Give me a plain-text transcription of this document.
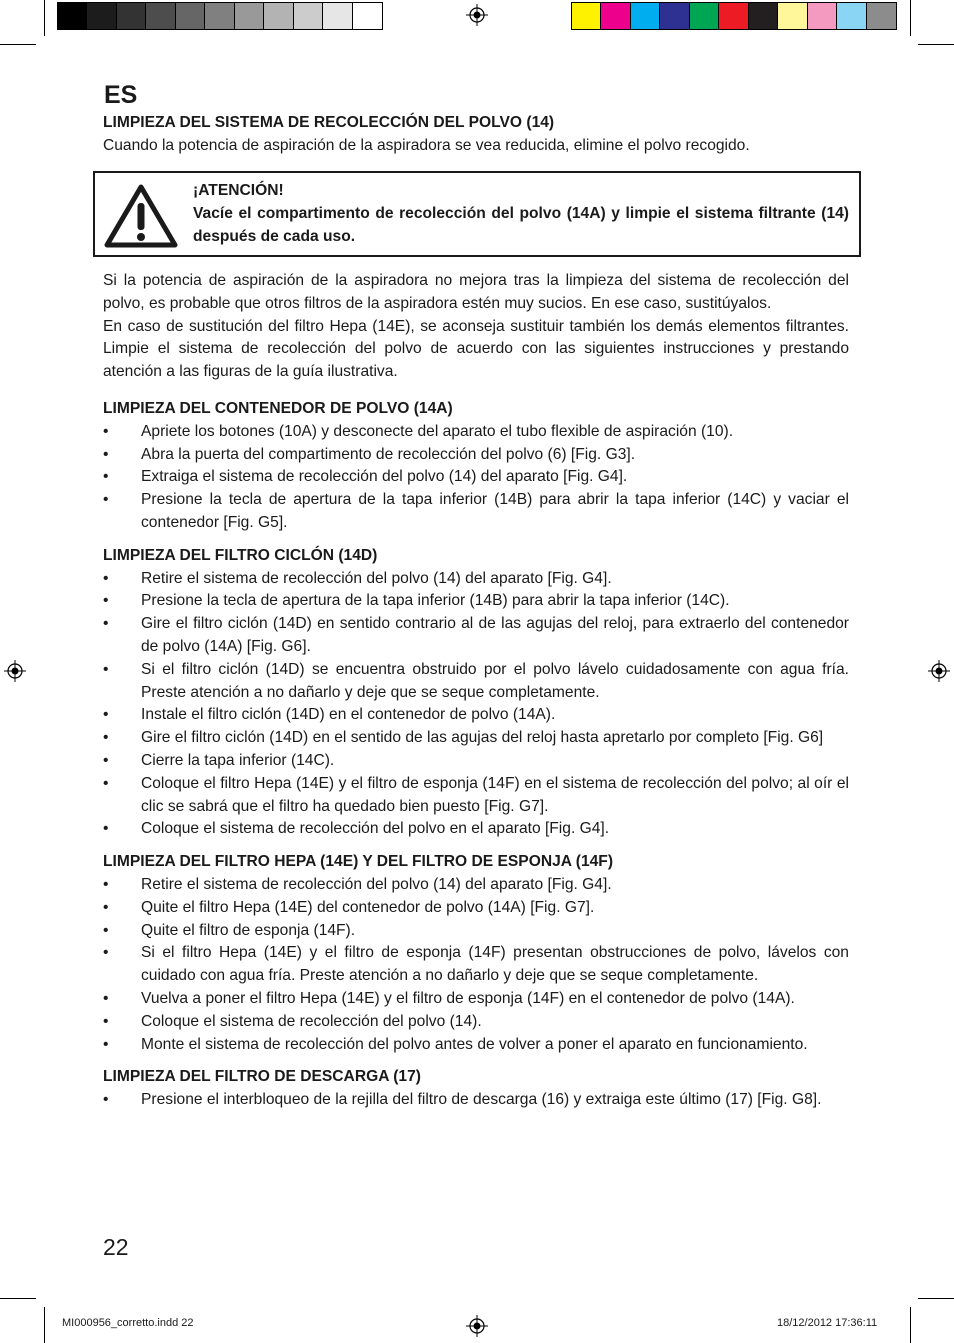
ES
LIMPIEZA DEL SISTEMA DE RECOLECCIÓN DEL POLVO (14)
Cuando la potencia de aspiración de la aspiradora se vea reducida, elimine el polvo recogido.
¡ATENCIÓN!
Vacíe el compartimento de recolección del polvo (14A) y limpie el sistema filtrante (14) después de cada uso.
Si la potencia de aspiración de la aspiradora no mejora tras la limpieza del sistema de recolección del polvo, es probable que otros filtros de la aspiradora estén muy sucios. En ese caso, sustitúyalos.
En caso de sustitución del filtro Hepa (14E), se aconseja sustituir también los demás elementos filtrantes. Limpie el sistema de recolección del polvo de acuerdo con las siguientes instrucciones y prestando atención a las figuras de la guía ilustrativa.
LIMPIEZA DEL CONTENEDOR DE POLVO (14A)
• Apriete los botones (10A) y desconecte del aparato el tubo flexible de aspiración (10).
• Abra la puerta del compartimento de recolección del polvo (6) [Fig. G3].
• Extraiga el sistema de recolección del polvo (14) del aparato [Fig. G4].
• Presione la tecla de apertura de la tapa inferior (14B) para abrir la tapa inferior (14C) y vaciar el contenedor [Fig. G5].
LIMPIEZA DEL FILTRO CICLÓN (14D)
• Retire el sistema de recolección del polvo (14) del aparato [Fig. G4].
• Presione la tecla de apertura de la tapa inferior (14B) para abrir la tapa inferior (14C).
• Gire el filtro ciclón (14D) en sentido contrario al de las agujas del reloj, para extraerlo del contenedor de polvo (14A) [Fig. G6].
• Si el filtro ciclón (14D) se encuentra obstruido por el polvo lávelo cuidadosamente con agua fría. Preste atención a no dañarlo y deje que se seque completamente.
• Instale el filtro ciclón (14D) en el contenedor de polvo (14A).
• Gire el filtro ciclón (14D) en el sentido de las agujas del reloj hasta apretarlo por completo [Fig. G6]
• Cierre la tapa inferior (14C).
• Coloque el filtro Hepa (14E) y el filtro de esponja (14F) en el sistema de recolección del polvo; al oír el clic se sabrá que el filtro ha quedado bien puesto [Fig. G7].
• Coloque el sistema de recolección del polvo en el aparato [Fig. G4].
LIMPIEZA DEL FILTRO HEPA (14E) Y DEL FILTRO DE ESPONJA (14F)
• Retire el sistema de recolección del polvo (14) del aparato [Fig. G4].
• Quite el filtro Hepa (14E) del contenedor de polvo (14A) [Fig. G7].
• Quite el filtro de esponja (14F).
• Si el filtro Hepa (14E) y el filtro de esponja (14F) presentan obstrucciones de polvo, lávelos con cuidado con agua fría. Preste atención a no dañarlo y deje que se seque completamente.
• Vuelva a poner el filtro Hepa (14E) y el filtro de esponja (14F) en el contenedor de polvo (14A).
• Coloque el sistema de recolección del polvo (14).
• Monte el sistema de recolección del polvo antes de volver a poner el aparato en funcionamiento.
LIMPIEZA DEL FILTRO DE DESCARGA (17)
• Presione el interbloqueo de la rejilla del filtro de descarga (16) y extraiga este último (17) [Fig. G8].
22
MI000956_corretto.indd 22	18/12/2012 17:36:11
